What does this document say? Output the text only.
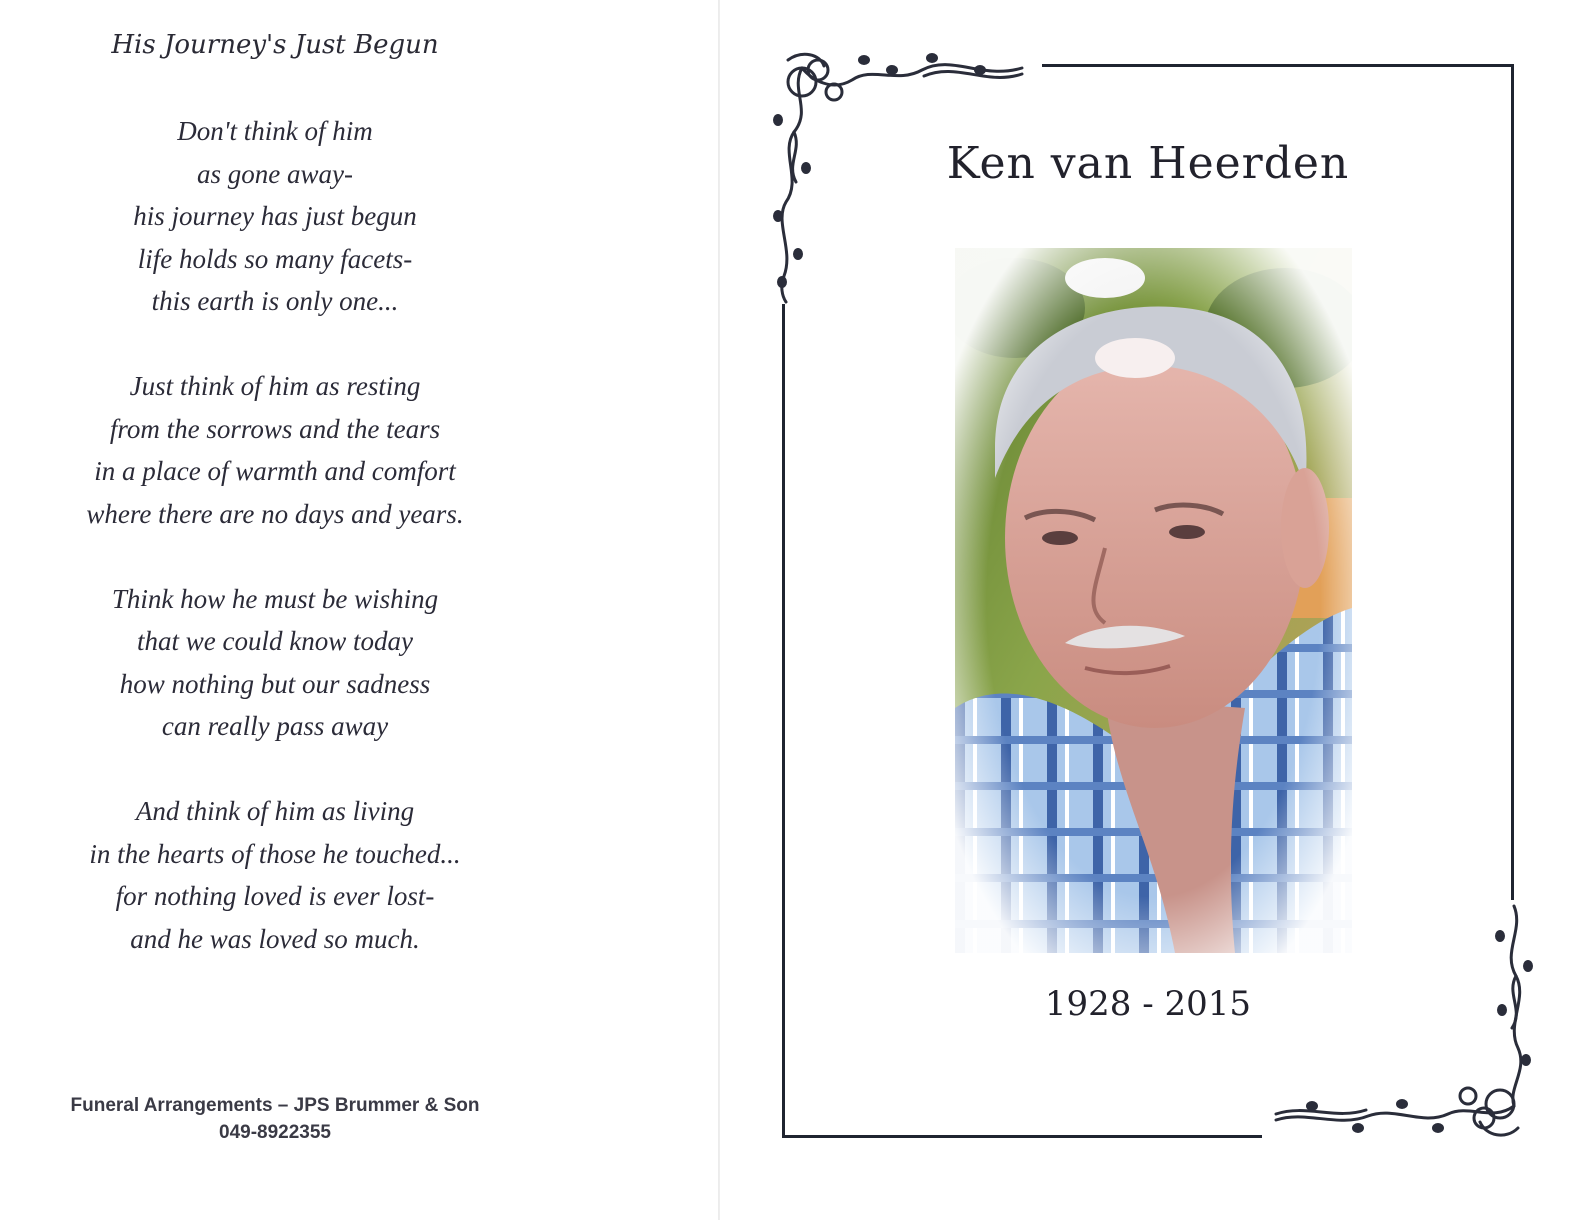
His Journey's Just Begun

Don't think of him
as gone away-
his journey has just begun
life holds so many facets-
this earth is only one...

Just think of him as resting
from the sorrows and the tears
in a place of warmth and comfort
where there are no days and years.

Think how he must be wishing
that we could know today
how nothing but our sadness
can really pass away

And think of him as living
in the hearts of those he touched...
for nothing loved is ever lost-
and he was loved so much.

Funeral Arrangements – JPS Brummer & Son
049-8922355
Ken van Heerden
1928 - 2015
